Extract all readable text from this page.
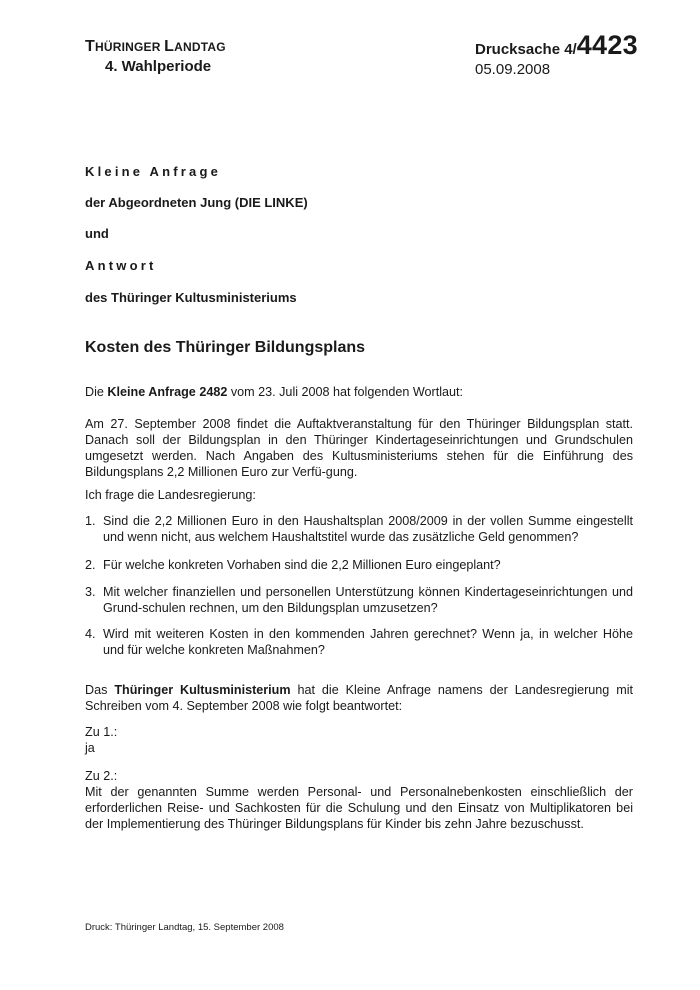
THÜRINGER LANDTAG
4. Wahlperiode
Drucksache 4/4423
05.09.2008
Kleine Anfrage
der Abgeordneten Jung (DIE LINKE)
und
Antwort
des Thüringer Kultusministeriums
Kosten des Thüringer Bildungsplans
Die Kleine Anfrage 2482 vom 23. Juli 2008 hat folgenden Wortlaut:
Am 27. September 2008 findet die Auftaktveranstaltung für den Thüringer Bildungsplan statt. Danach soll der Bildungsplan in den Thüringer Kindertageseinrichtungen und Grundschulen umgesetzt werden. Nach Angaben des Kultusministeriums stehen für die Einführung des Bildungsplans 2,2 Millionen Euro zur Verfü-gung.
Ich frage die Landesregierung:
1. Sind die 2,2 Millionen Euro in den Haushaltsplan 2008/2009 in der vollen Summe eingestellt und wenn nicht, aus welchem Haushaltstitel wurde das zusätzliche Geld genommen?
2. Für welche konkreten Vorhaben sind die 2,2 Millionen Euro eingeplant?
3. Mit welcher finanziellen und personellen Unterstützung können Kindertageseinrichtungen und Grund-schulen rechnen, um den Bildungsplan umzusetzen?
4. Wird mit weiteren Kosten in den kommenden Jahren gerechnet? Wenn ja, in welcher Höhe und für welche konkreten Maßnahmen?
Das Thüringer Kultusministerium hat die Kleine Anfrage namens der Landesregierung mit Schreiben vom 4. September 2008 wie folgt beantwortet:

Zu 1.:

ja

Zu 2.:

Mit der genannten Summe werden Personal- und Personalnebenkosten einschließlich der erforderlichen Reise- und Sachkosten für die Schulung und den Einsatz von Multiplikatoren bei der Implementierung des Thüringer Bildungsplans für Kinder bis zehn Jahre bezuschusst.

Druck: Thüringer Landtag, 15. September 2008
